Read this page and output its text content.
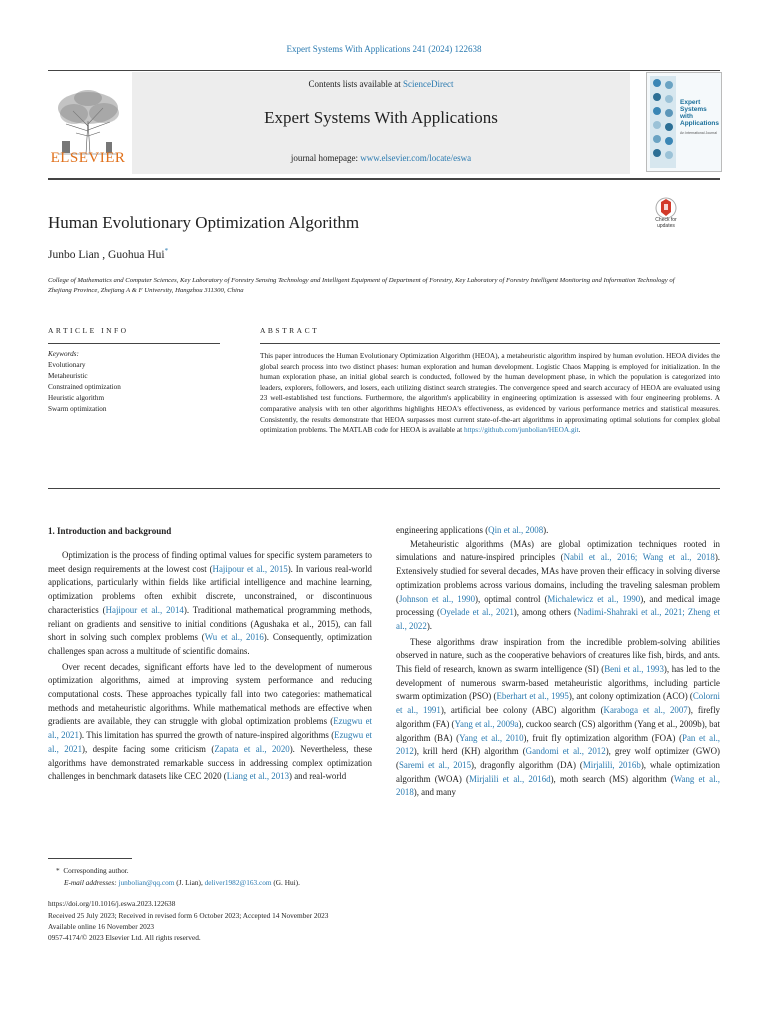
Expert Systems With Applications 241 (2024) 122638
ELSEVIER
Contents lists available at ScienceDirect
Expert Systems With Applications
journal homepage: www.elsevier.com/locate/eswa
Expert Systems with Applications
An International Journal
Human Evolutionary Optimization Algorithm	Check for updates
Junbo Lian , Guohua Hui*
College of Mathematics and Computer Sciences, Key Laboratory of Forestry Sensing Technology and Intelligent Equipment of Department of Forestry, Key Laboratory of Forestry Intelligent Monitoring and Information Technology of Zhejiang Province, Zhejiang A & F University, Hangzhou 311300, China
ARTICLE INFO	ABSTRACT
Keywords:
Evolutionary
Metaheuristic
Constrained optimization
Heuristic algorithm
Swarm optimization
This paper introduces the Human Evolutionary Optimization Algorithm (HEOA), a metaheuristic algorithm inspired by human evolution. HEOA divides the global search process into two distinct phases: human exploration and human development. Logistic Chaos Mapping is employed for initialization. In the human exploration phase, an initial global search is conducted, followed by the human development phase, in which the population is categorized into leaders, explorers, followers, and losers, each utilizing distinct search strategies. The convergence speed and search accuracy of HEOA are evaluated using 23 well-established test functions. Furthermore, the algorithm's applicability in engineering optimization is assessed with four engineering problems. A comparative analysis with ten other algorithms highlights HEOA's effectiveness, as evidenced by various performance metrics and statistical measures. Consistently, the results demonstrate that HEOA surpasses most current state-of-the-art algorithms in approximating optimal solutions for complex global optimization problems. The MATLAB code for HEOA is available at https://github.com/junbolian/HEOA.git.
1. Introduction and background

Optimization is the process of finding optimal values for specific system parameters to meet design requirements at the lowest cost (Hajipour et al., 2015). In various real-world applications, particularly within fields like artificial intelligence and machine learning, optimization problems often exhibit discrete, unconstrained, or discontinuous characteristics (Hajipour et al., 2014). Traditional mathematical programming methods, reliant on gradients and sensitive to initial conditions (Agushaka et al., 2015), can fall short in solving such complex problems (Wu et al., 2016). Consequently, optimization challenges span across a multitude of scientific domains.

Over recent decades, significant efforts have led to the development of numerous optimization algorithms, aimed at improving system performance and reducing computational costs. These approaches typically fall into two categories: mathematical methods and metaheuristic algorithms. While mathematical methods are effective when gradients are available, they can struggle with global optimization problems (Ezugwu et al., 2021). This limitation has spurred the growth of nature-inspired algorithms (Ezugwu et al., 2021), despite facing some criticism (Zapata et al., 2020). Nevertheless, these algorithms have demonstrated remarkable success in addressing complex optimization challenges in benchmark datasets like CEC 2020 (Liang et al., 2013) and real-world

engineering applications (Qin et al., 2008).

Metaheuristic algorithms (MAs) are global optimization techniques rooted in simulations and nature-inspired principles (Nabil et al., 2016; Wang et al., 2018). Extensively studied for several decades, MAs have proven their efficacy in solving diverse optimization problems across various domains, including the traveling salesman problem (Johnson et al., 1990), optimal control (Michalewicz et al., 1990), and medical image processing (Oyelade et al., 2021), among others (Nadimi-Shahraki et al., 2021; Zheng et al., 2022).

These algorithms draw inspiration from the incredible problem-solving abilities observed in nature, such as the cooperative behaviors of creatures like fish, birds, and ants. This field of research, known as swarm intelligence (SI) (Beni et al., 1993), has led to the development of numerous swarm-based metaheuristic algorithms, including particle swarm optimization (PSO) (Eberhart et al., 1995), ant colony optimization (ACO) (Colorni et al., 1991), artificial bee colony (ABC) algorithm (Karaboga et al., 2007), firefly algorithm (FA) (Yang et al., 2009a), cuckoo search (CS) algorithm (Yang et al., 2009b), bat algorithm (BA) (Yang et al., 2010), fruit fly optimization algorithm (FOA) (Pan et al., 2012), krill herd (KH) algorithm (Gandomi et al., 2012), grey wolf optimizer (GWO) (Saremi et al., 2015), dragonfly algorithm (DA) (Mirjalili, 2016b), whale optimization algorithm (WOA) (Mirjalili et al., 2016d), moth search (MS) algorithm (Wang et al., 2018), and many

* Corresponding author.
E-mail addresses: junbolian@qq.com (J. Lian), deliver1982@163.com (G. Hui).
https://doi.org/10.1016/j.eswa.2023.122638
Received 25 July 2023; Received in revised form 6 October 2023; Accepted 14 November 2023
Available online 16 November 2023
0957-4174/© 2023 Elsevier Ltd. All rights reserved.
